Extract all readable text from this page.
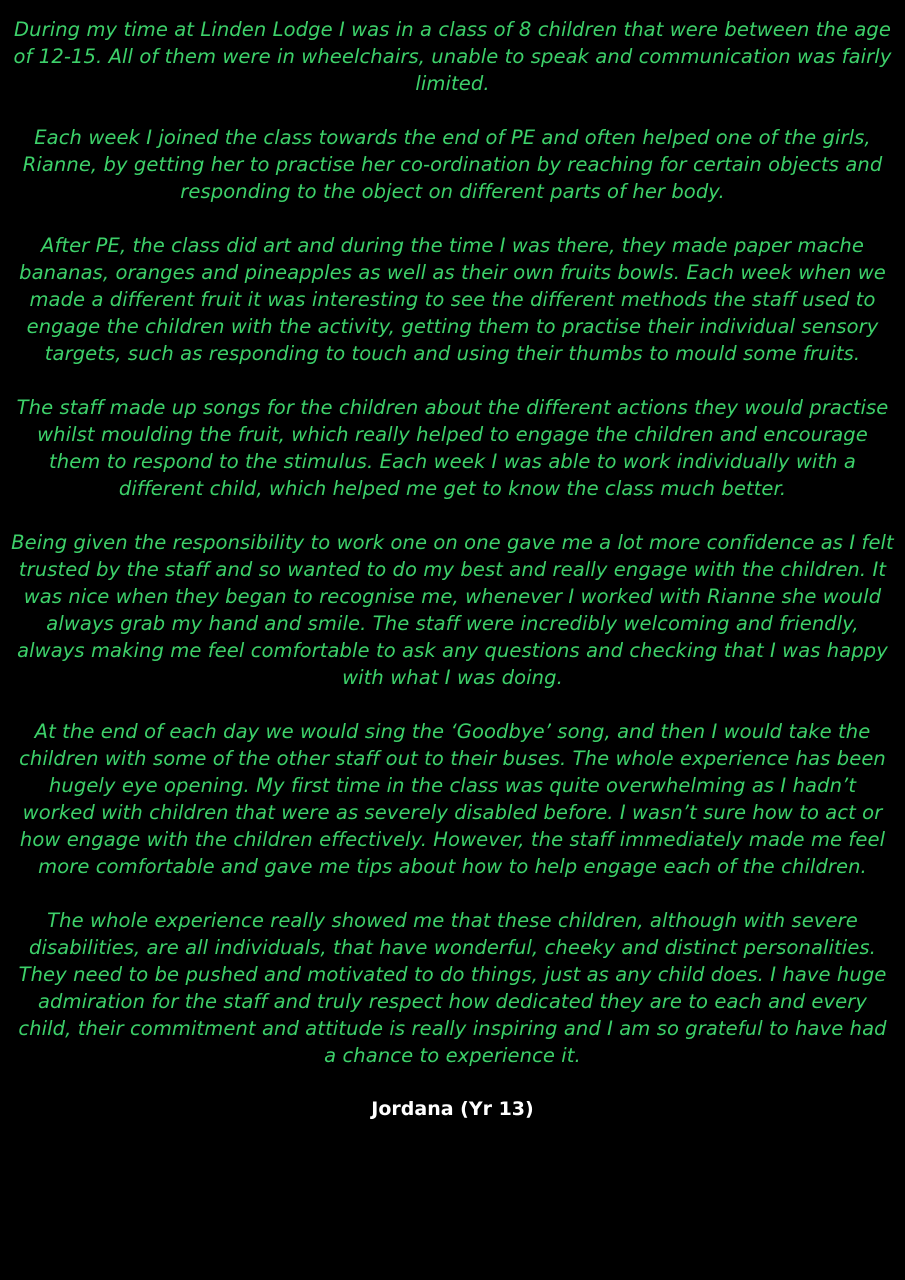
During my time at Linden Lodge I was in a class of 8 children that were between the age of 12-15. All of them were in wheelchairs, unable to speak and communication was fairly limited.

Each week I joined the class towards the end of PE and often helped one of the girls, Rianne, by getting her to practise her co-ordination by reaching for certain objects and responding to the object on different parts of her body.

After PE, the class did art and during the time I was there, they made paper mache bananas, oranges and pineapples as well as their own fruits bowls. Each week when we made a different fruit it was interesting to see the different methods the staff used to engage the children with the activity, getting them to practise their individual sensory targets, such as responding to touch and using their thumbs to mould some fruits.

The staff made up songs for the children about the different actions they would practise whilst moulding the fruit, which really helped to engage the children and encourage them to respond to the stimulus. Each week I was able to work individually with a different child, which helped me get to know the class much better.

Being given the responsibility to work one on one gave me a lot more confidence as I felt trusted by the staff and so wanted to do my best and really engage with the children. It was nice when they began to recognise me, whenever I worked with Rianne she would always grab my hand and smile. The staff were incredibly welcoming and friendly, always making me feel comfortable to ask any questions and checking that I was happy with what I was doing.

At the end of each day we would sing the ‘Goodbye’ song, and then I would take the children with some of the other staff out to their buses. The whole experience has been hugely eye opening. My first time in the class was quite overwhelming as I hadn’t worked with children that were as severely disabled before. I wasn’t sure how to act or how engage with the children effectively. However, the staff immediately made me feel more comfortable and gave me tips about how to help engage each of the children.

The whole experience really showed me that these children, although with severe disabilities, are all individuals, that have wonderful, cheeky and distinct personalities. They need to be pushed and motivated to do things, just as any child does. I have huge admiration for the staff and truly respect how dedicated they are to each and every child, their commitment and attitude is really inspiring and I am so grateful to have had a chance to experience it.

Jordana (Yr 13)
